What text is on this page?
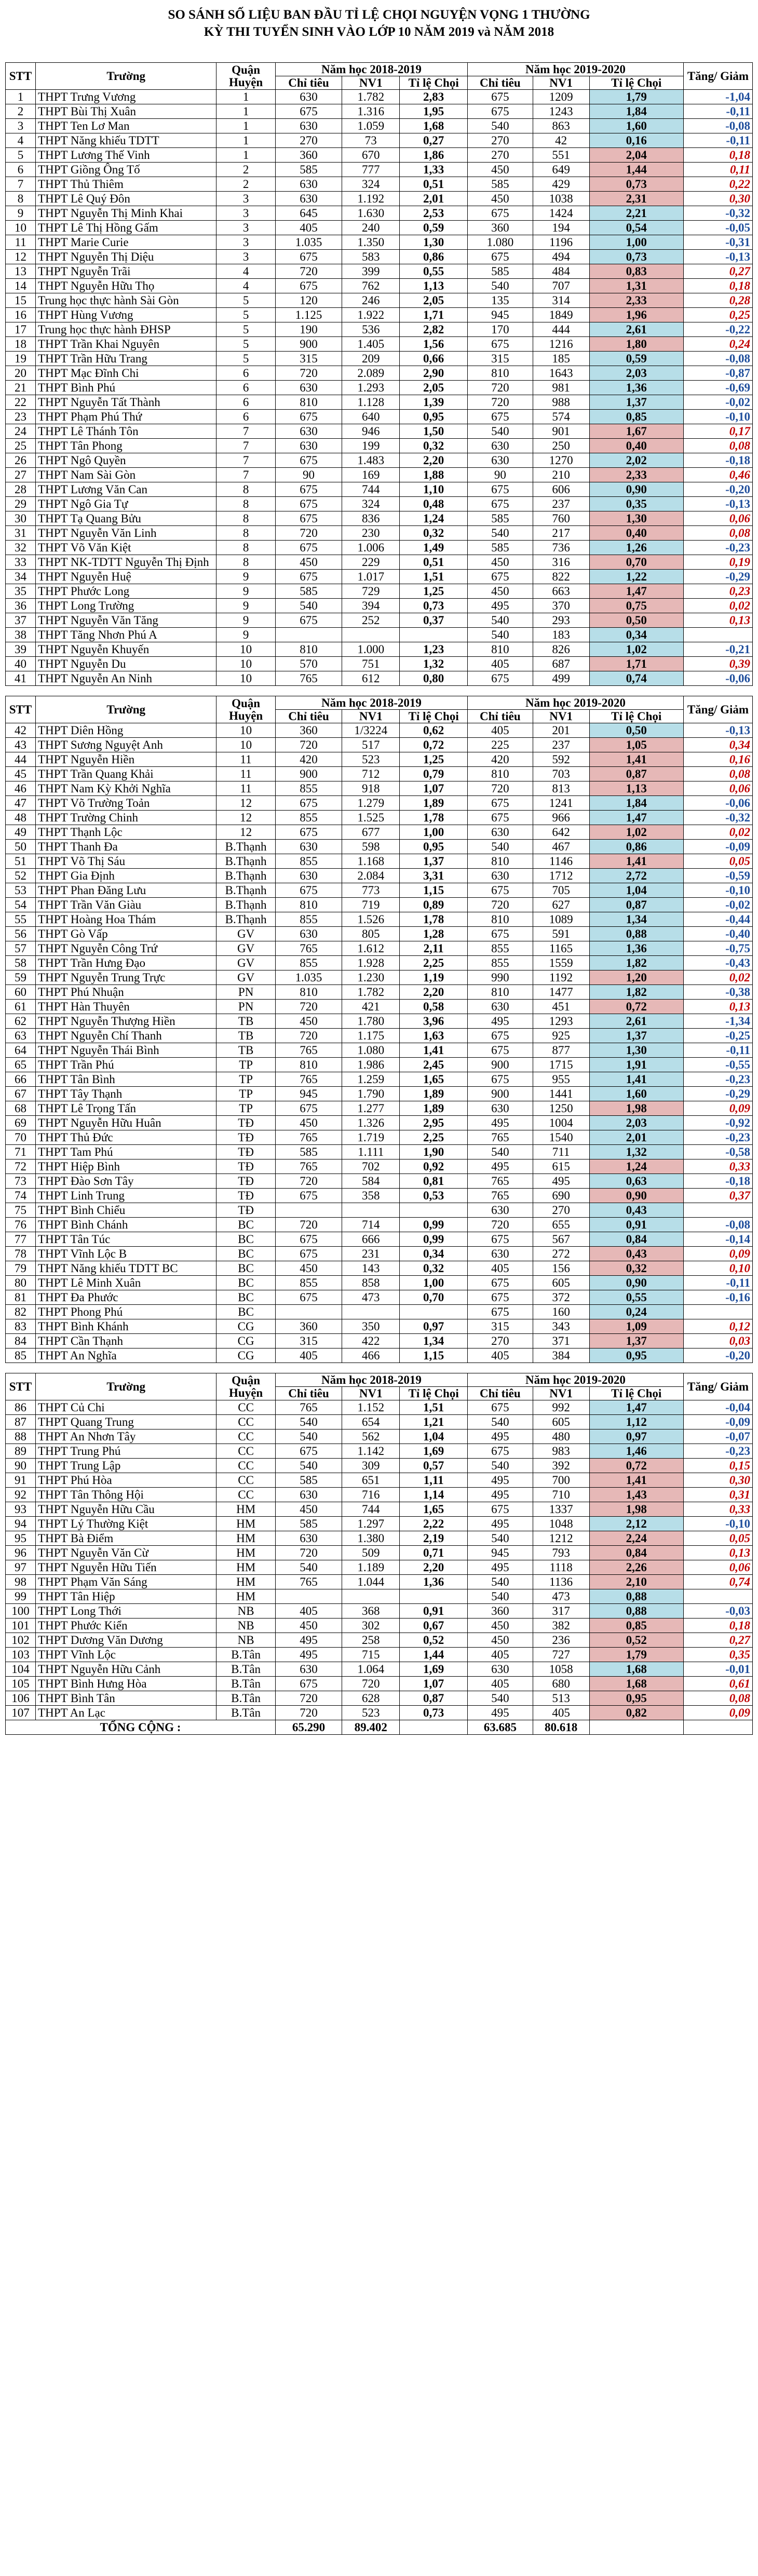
SO SÁNH SỐ LIỆU BAN ĐẦU TỈ LỆ CHỌI NGUYỆN VỌNG 1 THƯỜNG
KỲ THI TUYỂN SINH VÀO LỚP 10 NĂM 2019 và NĂM 2018
STT	Trường	Quận Huyện	Năm học 2018-2019			Năm học 2019-2020			Tăng/ Giảm
			Chỉ tiêu	NV1	Tỉ lệ Chọi	Chỉ tiêu	NV1	Tỉ lệ Chọi	
1	THPT Trưng Vương	1	630	1.782	2,83	675	1209	1,79	-1,04
2	THPT Bùi Thị Xuân	1	675	1.316	1,95	675	1243	1,84	-0,11
3	THPT Ten Lơ Man	1	630	1.059	1,68	540	863	1,60	-0,08
4	THPT Năng khiếu TDTT	1	270	73	0,27	270	42	0,16	-0,11
5	THPT Lương Thế Vinh	1	360	670	1,86	270	551	2,04	0,18
6	THPT Giồng Ông Tố	2	585	777	1,33	450	649	1,44	0,11
7	THPT Thủ Thiêm	2	630	324	0,51	585	429	0,73	0,22
8	THPT Lê Quý Đôn	3	630	1.192	2,01	450	1038	2,31	0,30
9	THPT Nguyễn Thị Minh Khai	3	645	1.630	2,53	675	1424	2,21	-0,32
10	THPT Lê Thị Hồng Gấm	3	405	240	0,59	360	194	0,54	-0,05
11	THPT Marie Curie	3	1.035	1.350	1,30	1.080	1196	1,00	-0,31
12	THPT Nguyễn Thị Diệu	3	675	583	0,86	675	494	0,73	-0,13
13	THPT Nguyễn Trãi	4	720	399	0,55	585	484	0,83	0,27
14	THPT Nguyễn Hữu Thọ	4	675	762	1,13	540	707	1,31	0,18
15	Trung học thực hành Sài Gòn	5	120	246	2,05	135	314	2,33	0,28
16	THPT Hùng Vương	5	1.125	1.922	1,71	945	1849	1,96	0,25
17	Trung học thực hành ĐHSP	5	190	536	2,82	170	444	2,61	-0,22
18	THPT Trần Khai Nguyên	5	900	1.405	1,56	675	1216	1,80	0,24
19	THPT Trần Hữu Trang	5	315	209	0,66	315	185	0,59	-0,08
20	THPT Mạc Đĩnh Chi	6	720	2.089	2,90	810	1643	2,03	-0,87
21	THPT Bình Phú	6	630	1.293	2,05	720	981	1,36	-0,69
22	THPT Nguyễn Tất Thành	6	810	1.128	1,39	720	988	1,37	-0,02
23	THPT Phạm Phú Thứ	6	675	640	0,95	675	574	0,85	-0,10
24	THPT Lê Thánh Tôn	7	630	946	1,50	540	901	1,67	0,17
25	THPT Tân Phong	7	630	199	0,32	630	250	0,40	0,08
26	THPT Ngô Quyền	7	675	1.483	2,20	630	1270	2,02	-0,18
27	THPT Nam Sài Gòn	7	90	169	1,88	90	210	2,33	0,46
28	THPT Lương Văn Can	8	675	744	1,10	675	606	0,90	-0,20
29	THPT Ngô Gia Tự	8	675	324	0,48	675	237	0,35	-0,13
30	THPT Tạ Quang Bửu	8	675	836	1,24	585	760	1,30	0,06
31	THPT Nguyễn Văn Linh	8	720	230	0,32	540	217	0,40	0,08
32	THPT Võ Văn Kiệt	8	675	1.006	1,49	585	736	1,26	-0,23
33	THPT NK-TDTT Nguyễn Thị Định	8	450	229	0,51	450	316	0,70	0,19
34	THPT Nguyễn Huệ	9	675	1.017	1,51	675	822	1,22	-0,29
35	THPT Phước Long	9	585	729	1,25	450	663	1,47	0,23
36	THPT Long Trường	9	540	394	0,73	495	370	0,75	0,02
37	THPT Nguyễn Văn Tăng	9	675	252	0,37	540	293	0,50	0,13
38	THPT Tăng Nhơn Phú A	9				540	183	0,34	
39	THPT Nguyễn Khuyến	10	810	1.000	1,23	810	826	1,02	-0,21
40	THPT Nguyễn Du	10	570	751	1,32	405	687	1,71	0,39
41	THPT Nguyễn An Ninh	10	765	612	0,80	675	499	0,74	-0,06
STT	Trường	Quận Huyện	Năm học 2018-2019			Năm học 2019-2020			Tăng/ Giảm
			Chỉ tiêu	NV1	Tỉ lệ Chọi	Chỉ tiêu	NV1	Tỉ lệ Chọi	
42	THPT Diên Hồng	10	360	1/3224	0,62	405	201	0,50	-0,13
43	THPT Sương Nguyệt Anh	10	720	517	0,72	225	237	1,05	0,34
44	THPT Nguyễn Hiền	11	420	523	1,25	420	592	1,41	0,16
45	THPT Trần Quang Khải	11	900	712	0,79	810	703	0,87	0,08
46	THPT Nam Kỳ Khởi Nghĩa	11	855	918	1,07	720	813	1,13	0,06
47	THPT Võ Trường Toản	12	675	1.279	1,89	675	1241	1,84	-0,06
48	THPT Trường Chinh	12	855	1.525	1,78	675	966	1,47	-0,32
49	THPT Thạnh Lộc	12	675	677	1,00	630	642	1,02	0,02
50	THPT Thanh Đa	B.Thạnh	630	598	0,95	540	467	0,86	-0,09
51	THPT Võ Thị Sáu	B.Thạnh	855	1.168	1,37	810	1146	1,41	0,05
52	THPT Gia Định	B.Thạnh	630	2.084	3,31	630	1712	2,72	-0,59
53	THPT Phan Đăng Lưu	B.Thạnh	675	773	1,15	675	705	1,04	-0,10
54	THPT Trần Văn Giàu	B.Thạnh	810	719	0,89	720	627	0,87	-0,02
55	THPT Hoàng Hoa Thám	B.Thạnh	855	1.526	1,78	810	1089	1,34	-0,44
56	THPT Gò Vấp	GV	630	805	1,28	675	591	0,88	-0,40
57	THPT Nguyễn Công Trứ	GV	765	1.612	2,11	855	1165	1,36	-0,75
58	THPT Trần Hưng Đạo	GV	855	1.928	2,25	855	1559	1,82	-0,43
59	THPT Nguyễn Trung Trực	GV	1.035	1.230	1,19	990	1192	1,20	0,02
60	THPT Phú Nhuận	PN	810	1.782	2,20	810	1477	1,82	-0,38
61	THPT Hàn Thuyên	PN	720	421	0,58	630	451	0,72	0,13
62	THPT Nguyễn Thượng Hiền	TB	450	1.780	3,96	495	1293	2,61	-1,34
63	THPT Nguyễn Chí Thanh	TB	720	1.175	1,63	675	925	1,37	-0,25
64	THPT Nguyễn Thái Bình	TB	765	1.080	1,41	675	877	1,30	-0,11
65	THPT Trần Phú	TP	810	1.986	2,45	900	1715	1,91	-0,55
66	THPT Tân Bình	TP	765	1.259	1,65	675	955	1,41	-0,23
67	THPT Tây Thạnh	TP	945	1.790	1,89	900	1441	1,60	-0,29
68	THPT Lê Trọng Tấn	TP	675	1.277	1,89	630	1250	1,98	0,09
69	THPT Nguyễn Hữu Huân	TĐ	450	1.326	2,95	495	1004	2,03	-0,92
70	THPT Thủ Đức	TĐ	765	1.719	2,25	765	1540	2,01	-0,23
71	THPT Tam Phú	TĐ	585	1.111	1,90	540	711	1,32	-0,58
72	THPT Hiệp Bình	TĐ	765	702	0,92	495	615	1,24	0,33
73	THPT Đào Sơn Tây	TĐ	720	584	0,81	765	495	0,63	-0,18
74	THPT Linh Trung	TĐ	675	358	0,53	765	690	0,90	0,37
75	THPT Bình Chiểu	TĐ				630	270	0,43	
76	THPT Bình Chánh	BC	720	714	0,99	720	655	0,91	-0,08
77	THPT Tân Túc	BC	675	666	0,99	675	567	0,84	-0,14
78	THPT Vĩnh Lộc B	BC	675	231	0,34	630	272	0,43	0,09
79	THPT Năng khiếu TDTT BC	BC	450	143	0,32	405	156	0,32	0,10
80	THPT Lê Minh Xuân	BC	855	858	1,00	675	605	0,90	-0,11
81	THPT Đa Phước	BC	675	473	0,70	675	372	0,55	-0,16
82	THPT Phong Phú	BC				675	160	0,24	
83	THPT Bình Khánh	CG	360	350	0,97	315	343	1,09	0,12
84	THPT Cần Thạnh	CG	315	422	1,34	270	371	1,37	0,03
85	THPT An Nghĩa	CG	405	466	1,15	405	384	0,95	-0,20
STT	Trường	Quận Huyện	Năm học 2018-2019			Năm học 2019-2020			Tăng/ Giảm
			Chỉ tiêu	NV1	Tỉ lệ Chọi	Chỉ tiêu	NV1	Tỉ lệ Chọi	
86	THPT Củ Chi	CC	765	1.152	1,51	675	992	1,47	-0,04
87	THPT Quang Trung	CC	540	654	1,21	540	605	1,12	-0,09
88	THPT An Nhơn Tây	CC	540	562	1,04	495	480	0,97	-0,07
89	THPT Trung Phú	CC	675	1.142	1,69	675	983	1,46	-0,23
90	THPT Trung Lập	CC	540	309	0,57	540	392	0,72	0,15
91	THPT Phú Hòa	CC	585	651	1,11	495	700	1,41	0,30
92	THPT Tân Thông Hội	CC	630	716	1,14	495	710	1,43	0,31
93	THPT Nguyễn Hữu Cầu	HM	450	744	1,65	675	1337	1,98	0,33
94	THPT Lý Thường Kiệt	HM	585	1.297	2,22	495	1048	2,12	-0,10
95	THPT Bà Điểm	HM	630	1.380	2,19	540	1212	2,24	0,05
96	THPT Nguyễn Văn Cừ	HM	720	509	0,71	945	793	0,84	0,13
97	THPT Nguyễn Hữu Tiến	HM	540	1.189	2,20	495	1118	2,26	0,06
98	THPT Phạm Văn Sáng	HM	765	1.044	1,36	540	1136	2,10	0,74
99	THPT Tân Hiệp	HM				540	473	0,88	
100	THPT Long Thới	NB	405	368	0,91	360	317	0,88	-0,03
101	THPT Phước Kiển	NB	450	302	0,67	450	382	0,85	0,18
102	THPT Dương Văn Dương	NB	495	258	0,52	450	236	0,52	0,27
103	THPT Vĩnh Lộc	B.Tân	495	715	1,44	405	727	1,79	0,35
104	THPT Nguyễn Hữu Cảnh	B.Tân	630	1.064	1,69	630	1058	1,68	-0,01
105	THPT Bình Hưng Hòa	B.Tân	675	720	1,07	405	680	1,68	0,61
106	THPT Bình Tân	B.Tân	720	628	0,87	540	513	0,95	0,08
107	THPT An Lạc	B.Tân	720	523	0,73	495	405	0,82	0,09
TỔNG CỘNG :			65.290	89.402		63.685	80.618		
